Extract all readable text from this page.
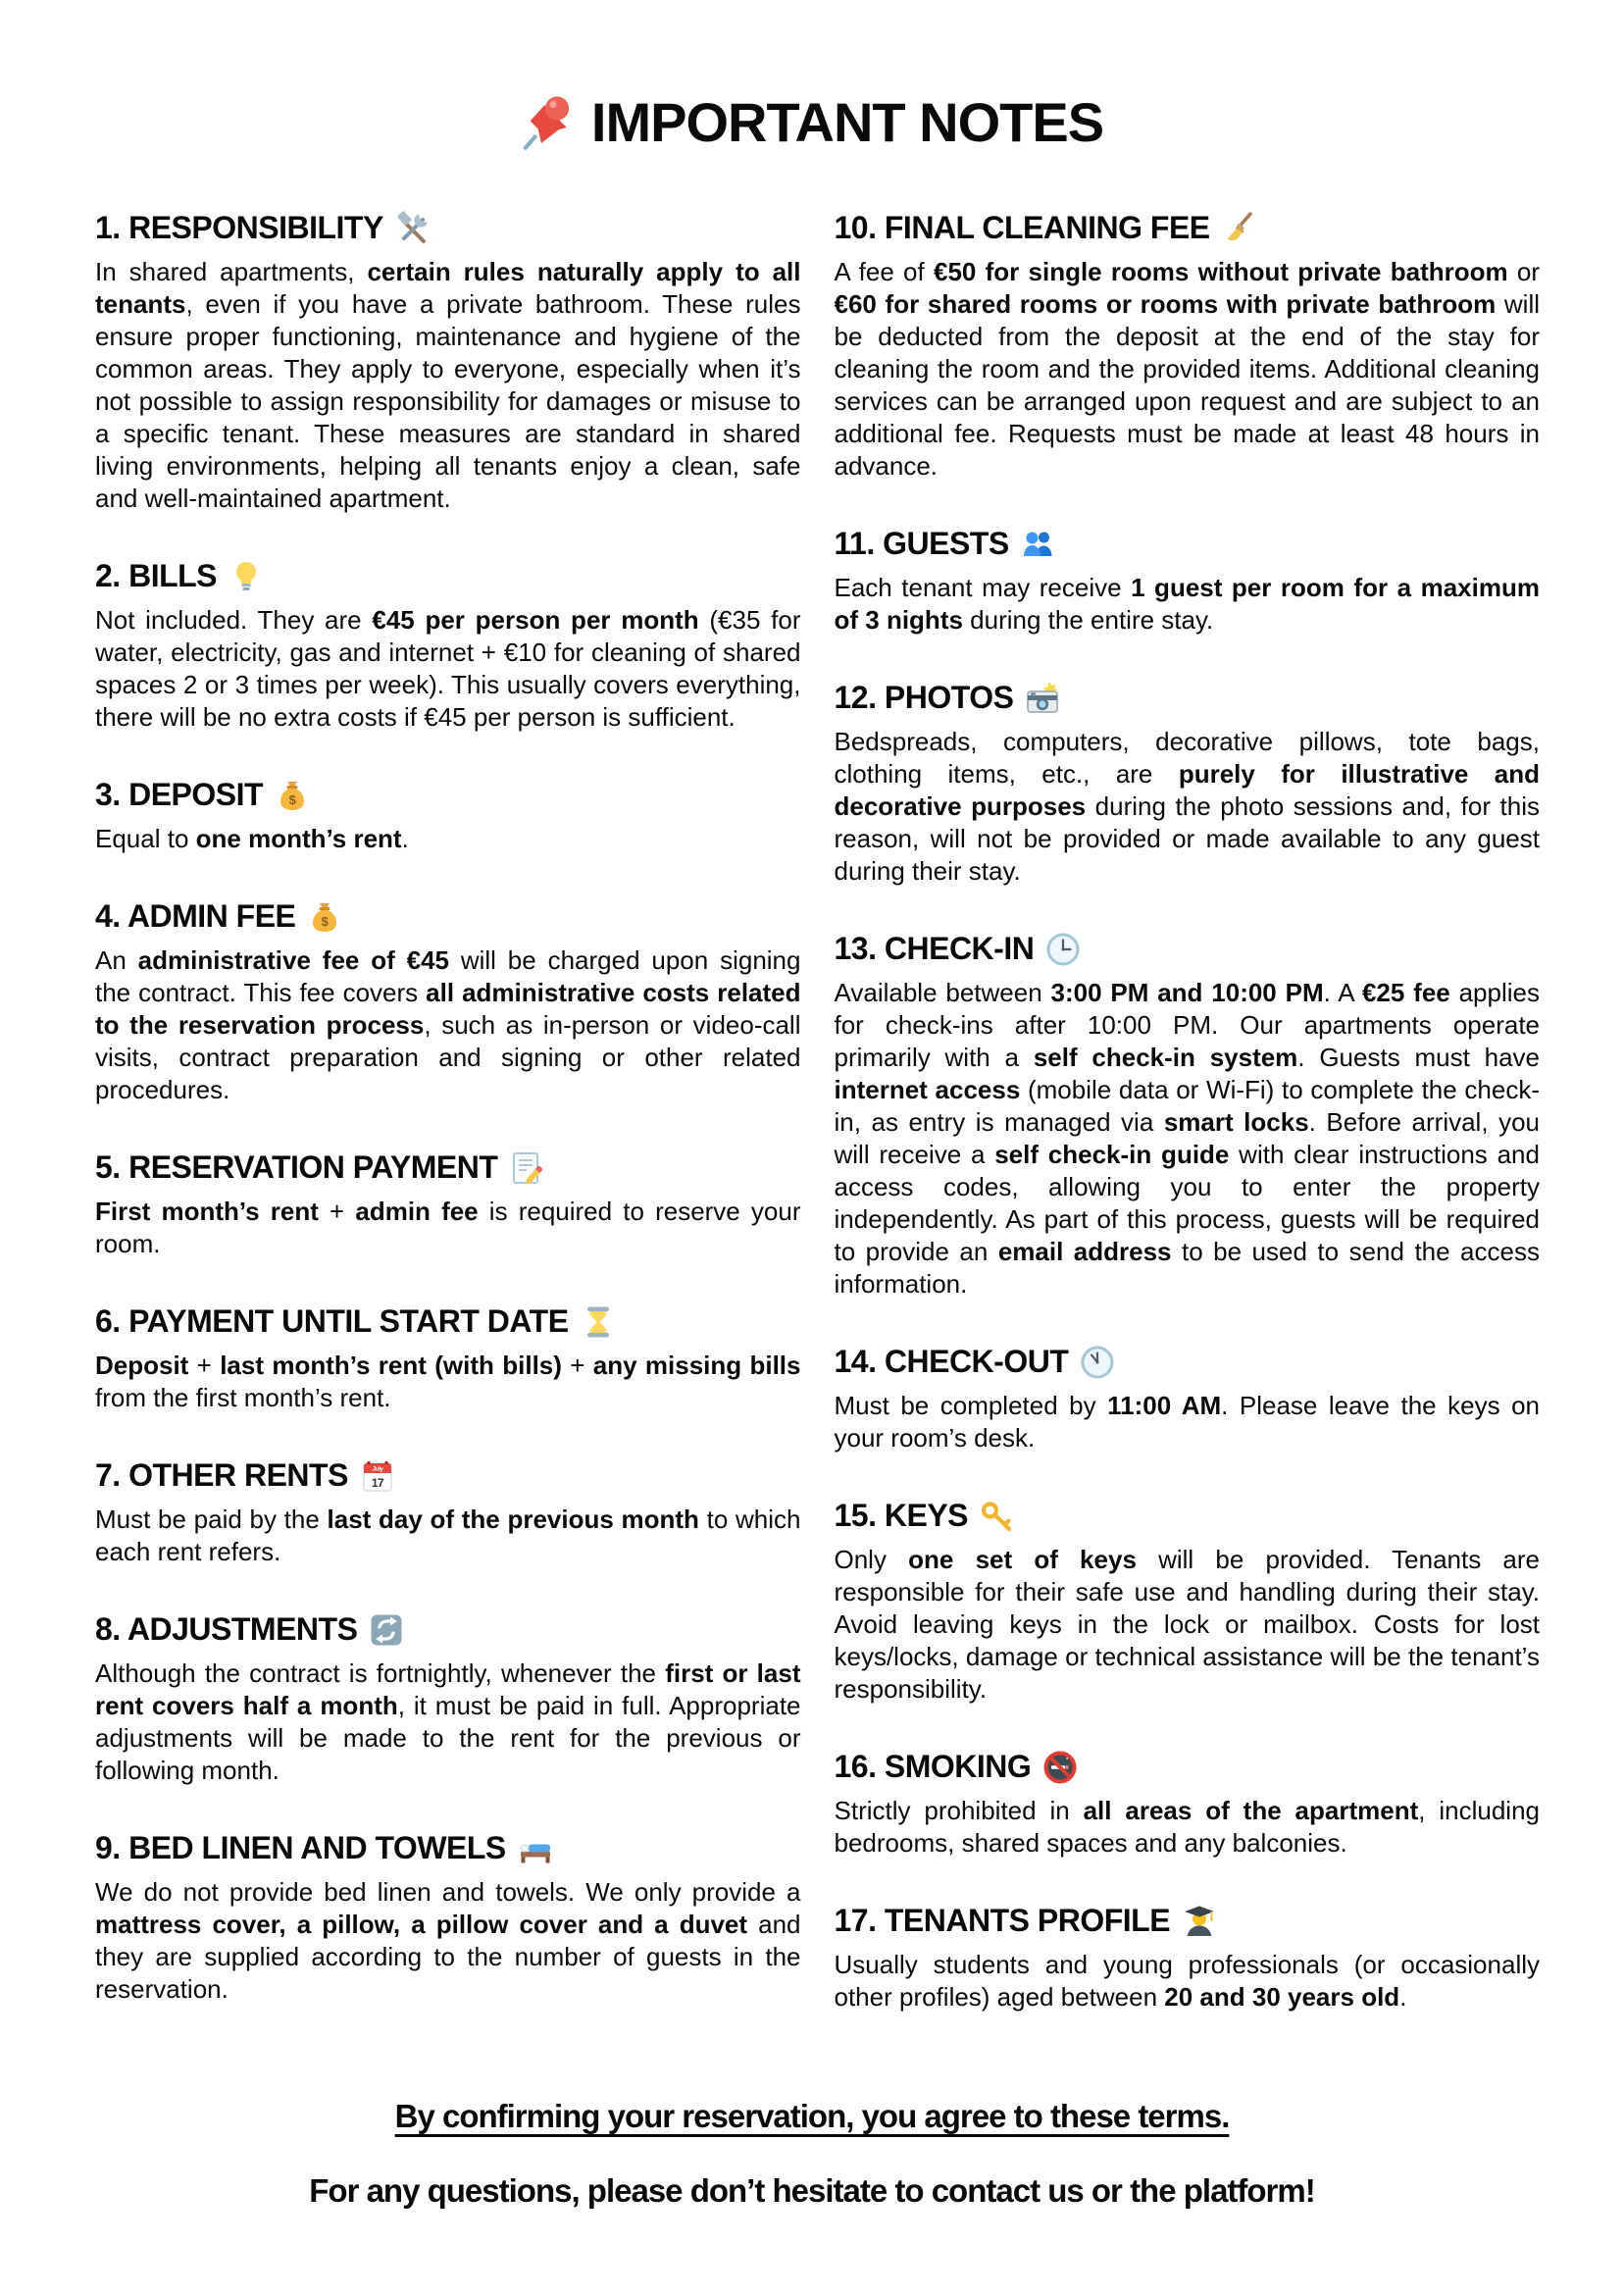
IMPORTANT NOTES
1. RESPONSIBILITY

In shared apartments, certain rules naturally apply to all tenants, even if you have a private bathroom. These rules ensure proper functioning, maintenance and hygiene of the common areas. They apply to everyone, especially when it’s not possible to assign responsibility for damages or misuse to a specific tenant. These measures are standard in shared living environments, helping all tenants enjoy a clean, safe and well-maintained apartment.

2. BILLS

Not included. They are €45 per person per month (€35 for water, electricity, gas and internet + €10 for cleaning of shared spaces 2 or 3 times per week). This usually covers everything, there will be no extra costs if €45 per person is sufficient.

3. DEPOSIT $

Equal to one month’s rent.

4. ADMIN FEE $

An administrative fee of €45 will be charged upon signing the contract. This fee covers all administrative costs related to the reservation process, such as in-person or video-call visits, contract preparation and signing or other related procedures.

5. RESERVATION PAYMENT

First month’s rent + admin fee is required to reserve your room.

6. PAYMENT UNTIL START DATE

Deposit + last month’s rent (with bills) + any missing bills from the first month’s rent.

7. OTHER RENTS	July
17

Must be paid by the last day of the previous month to which each rent refers.

8. ADJUSTMENTS

Although the contract is fortnightly, whenever the first or last rent covers half a month, it must be paid in full. Appropriate adjustments will be made to the rent for the previous or following month.

9. BED LINEN AND TOWELS

We do not provide bed linen and towels. We only provide a mattress cover, a pillow, a pillow cover and a duvet and they are supplied according to the number of guests in the reservation.

10. FINAL CLEANING FEE

A fee of €50 for single rooms without private bathroom or €60 for shared rooms or rooms with private bathroom will be deducted from the deposit at the end of the stay for cleaning the room and the provided items. Additional cleaning services can be arranged upon request and are subject to an additional fee. Requests must be made at least 48 hours in advance.

11. GUESTS

Each tenant may receive 1 guest per room for a maximum of 3 nights during the entire stay.

12. PHOTOS

Bedspreads, computers, decorative pillows, tote bags, clothing items, etc., are purely for illustrative and decorative purposes during the photo sessions and, for this reason, will not be provided or made available to any guest during their stay.

13. CHECK-IN

Available between 3:00 PM and 10:00 PM. A €25 fee applies for check-ins after 10:00 PM. Our apartments operate primarily with a self check-in system. Guests must have internet access (mobile data or Wi-Fi) to complete the check-in, as entry is managed via smart locks. Before arrival, you will receive a self check-in guide with clear instructions and access codes, allowing you to enter the property independently. As part of this process, guests will be required to provide an email address to be used to send the access information.

14. CHECK-OUT

Must be completed by 11:00 AM. Please leave the keys on your room’s desk.

15. KEYS

Only one set of keys will be provided. Tenants are responsible for their safe use and handling during their stay. Avoid leaving keys in the lock or mailbox. Costs for lost keys/locks, damage or technical assistance will be the tenant’s responsibility.

16. SMOKING

Strictly prohibited in all areas of the apartment, including bedrooms, shared spaces and any balconies.

17. TENANTS PROFILE

Usually students and young professionals (or occasionally other profiles) aged between 20 and 30 years old.

By confirming your reservation, you agree to these terms.
For any questions, please don’t hesitate to contact us or the platform!
